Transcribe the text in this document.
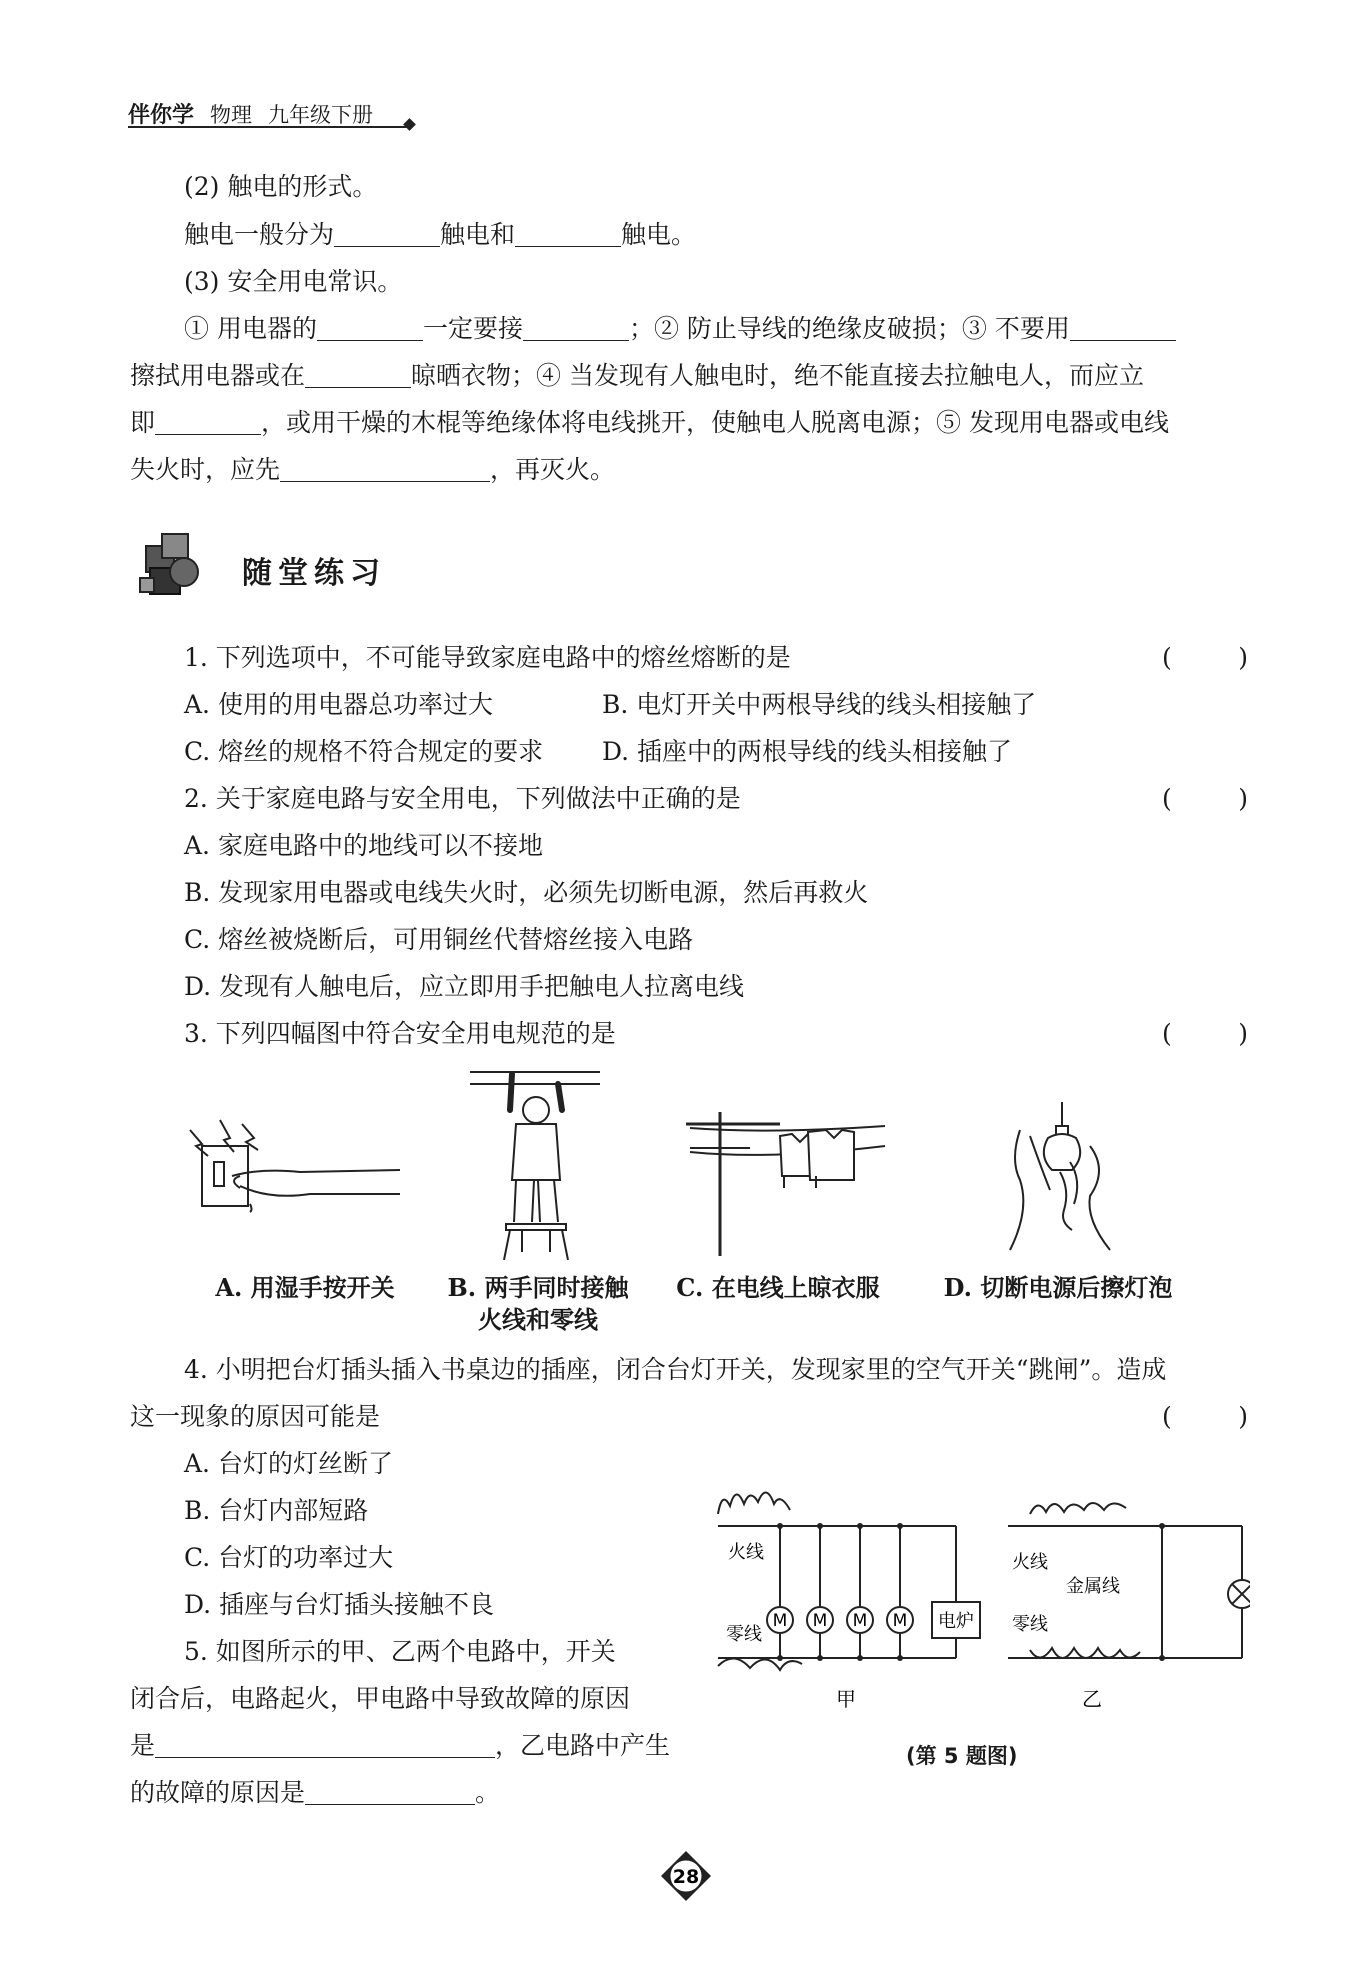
伴你学 物理 九年级下册
(2) 触电的形式。
触电一般分为	触电和	触电。
(3) 安全用电常识。
① 用电器的	一定要接	；② 防止导线的绝缘皮破损；③ 不要用
擦拭用电器或在	晾晒衣物；④ 当发现有人触电时，绝不能直接去拉触电人，而应立
即	，或用干燥的木棍等绝缘体将电线挑开，使触电人脱离电源；⑤ 发现用电器或电线
失火时，应先	，再灭火。
随堂练习
1. 下列选项中，不可能导致家庭电路中的熔丝熔断的是	(	)
A. 使用的用电器总功率过大	B. 电灯开关中两根导线的线头相接触了
C. 熔丝的规格不符合规定的要求 D. 插座中的两根导线的线头相接触了
2. 关于家庭电路与安全用电，下列做法中正确的是	(	)
A. 家庭电路中的地线可以不接地
B. 发现家用电器或电线失火时，必须先切断电源，然后再救火
C. 熔丝被烧断后，可用铜丝代替熔丝接入电路
D. 发现有人触电后，应立即用手把触电人拉离电线
3. 下列四幅图中符合安全用电规范的是	(	)
A. 用湿手按开关	B. 两手同时接触
火线和零线
C. 在电线上晾衣服	D. 切断电源后擦灯泡
4. 小明把台灯插头插入书桌边的插座，闭合台灯开关，发现家里的空气开关“跳闸”。造成
这一现象的原因可能是	(	)
A. 台灯的灯丝断了
B. 台灯内部短路
C. 台灯的功率过大
D. 插座与台灯插头接触不良
5. 如图所示的甲、乙两个电路中，开关
闭合后，电路起火，甲电路中导致故障的原因
是	，乙电路中产生
的故障的原因是	。
火线
零线
M M M M 电炉
甲
火线
零线
金属线
乙
(第 5 题图)
28
